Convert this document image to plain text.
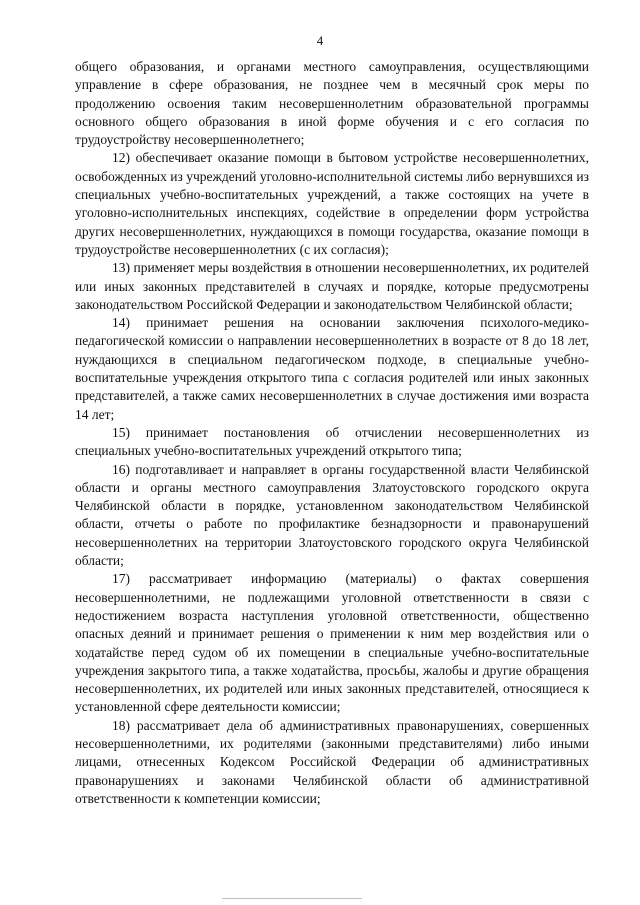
4

общего образования, и органами местного самоуправления, осуществляющими управление в сфере образования, не позднее чем в месячный срок меры по продолжению освоения таким несовершеннолетним образовательной программы основного общего образования в иной форме обучения и с его согласия по трудоустройству несовершеннолетнего;

12) обеспечивает оказание помощи в бытовом устройстве несовершеннолетних, освобожденных из учреждений уголовно-исполнительной системы либо вернувшихся из специальных учебно-воспитательных учреждений, а также состоящих на учете в уголовно-исполнительных инспекциях, содействие в определении форм устройства других несовершеннолетних, нуждающихся в помощи государства, оказание помощи в трудоустройстве несовершеннолетних (с их согласия);

13) применяет меры воздействия в отношении несовершеннолетних, их родителей или иных законных представителей в случаях и порядке, которые предусмотрены законодательством Российской Федерации и законодательством Челябинской области;

14) принимает решения на основании заключения психолого-медико-педагогической комиссии о направлении несовершеннолетних в возрасте от 8 до 18 лет, нуждающихся в специальном педагогическом подходе, в специальные учебно-воспитательные учреждения открытого типа с согласия родителей или иных законных представителей, а также самих несовершеннолетних в случае достижения ими возраста 14 лет;

15) принимает постановления об отчислении несовершеннолетних из специальных учебно-воспитательных учреждений открытого типа;

16) подготавливает и направляет в органы государственной власти Челябинской области и органы местного самоуправления Златоустовского городского округа Челябинской области в порядке, установленном законодательством Челябинской области, отчеты о работе по профилактике безнадзорности и правонарушений несовершеннолетних на территории Златоустовского городского округа Челябинской области;

17) рассматривает информацию (материалы) о фактах совершения несовершеннолетними, не подлежащими уголовной ответственности в связи с недостижением возраста наступления уголовной ответственности, общественно опасных деяний и принимает решения о применении к ним мер воздействия или о ходатайстве перед судом об их помещении в специальные учебно-воспитательные учреждения закрытого типа, а также ходатайства, просьбы, жалобы и другие обращения несовершеннолетних, их родителей или иных законных представителей, относящиеся к установленной сфере деятельности комиссии;

18) рассматривает дела об административных правонарушениях, совершенных несовершеннолетними, их родителями (законными представителями) либо иными лицами, отнесенных Кодексом Российской Федерации об административных правонарушениях и законами Челябинской области об административной ответственности к компетенции комиссии;
